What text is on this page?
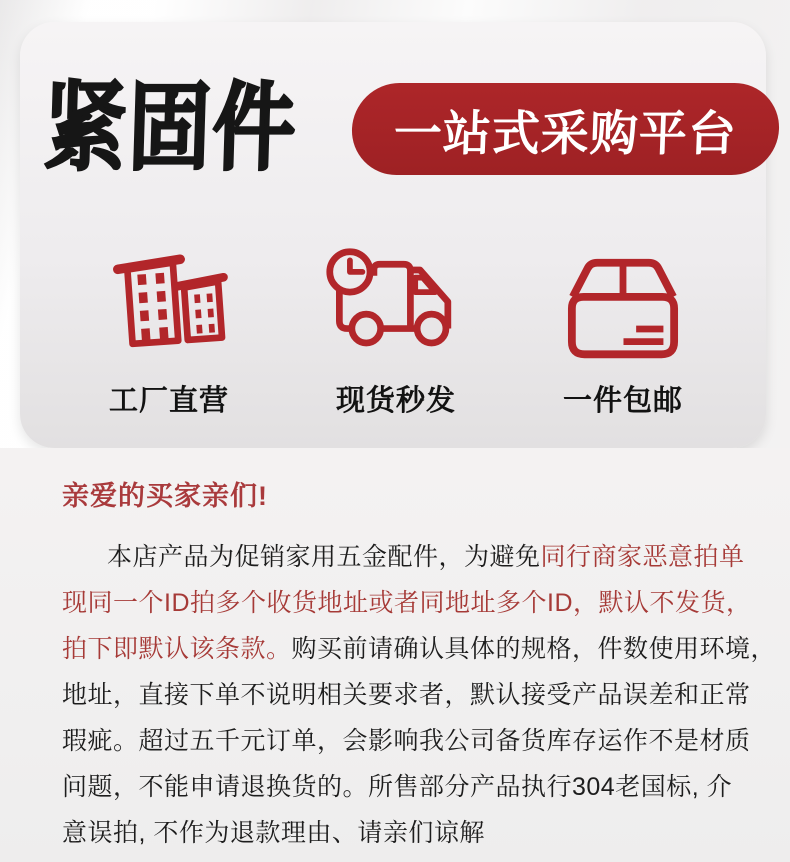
紧固件	一站式采购平台
工厂直营	现货秒发	一件包邮
亲爱的买家亲们!
本店产品为促销家用五金配件，为避免同行商家恶意拍单
现同一个ID拍多个收货地址或者同地址多个ID，默认不发货，
拍下即默认该条款。购买前请确认具体的规格，件数使用环境，
地址，直接下单不说明相关要求者，默认接受产品误差和正常
瑕疵。超过五千元订单，会影响我公司备货库存运作不是材质
问题，不能申请退换货的。所售部分产品执行304老国标, 介
意误拍, 不作为退款理由、请亲们谅解
